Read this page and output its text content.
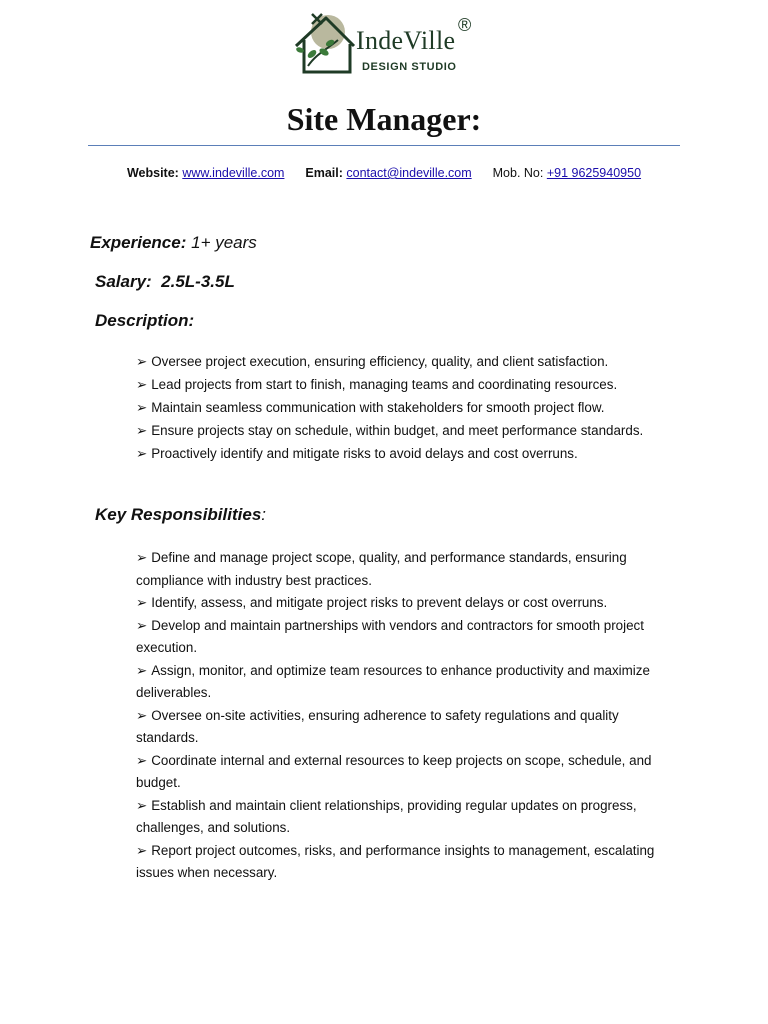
IndeVille
®
DESIGN STUDIO
Site Manager:
Website: www.indeville.com Email: contact@indeville.com Mob. No: +91 9625940950
Experience: 1+ years
Salary: 2.5L-3.5L
Description:
➢ Oversee project execution, ensuring efficiency, quality, and client satisfaction.
➢ Lead projects from start to finish, managing teams and coordinating resources.
➢ Maintain seamless communication with stakeholders for smooth project flow.
➢ Ensure projects stay on schedule, within budget, and meet performance standards.
➢ Proactively identify and mitigate risks to avoid delays and cost overruns.
Key Responsibilities:
➢ Define and manage project scope, quality, and performance standards, ensuring compliance with industry best practices.
➢ Identify, assess, and mitigate project risks to prevent delays or cost overruns.
➢ Develop and maintain partnerships with vendors and contractors for smooth project execution.
➢ Assign, monitor, and optimize team resources to enhance productivity and maximize deliverables.
➢ Oversee on-site activities, ensuring adherence to safety regulations and quality standards.
➢ Coordinate internal and external resources to keep projects on scope, schedule, and budget.
➢ Establish and maintain client relationships, providing regular updates on progress, challenges, and solutions.
➢ Report project outcomes, risks, and performance insights to management, escalating issues when necessary.
